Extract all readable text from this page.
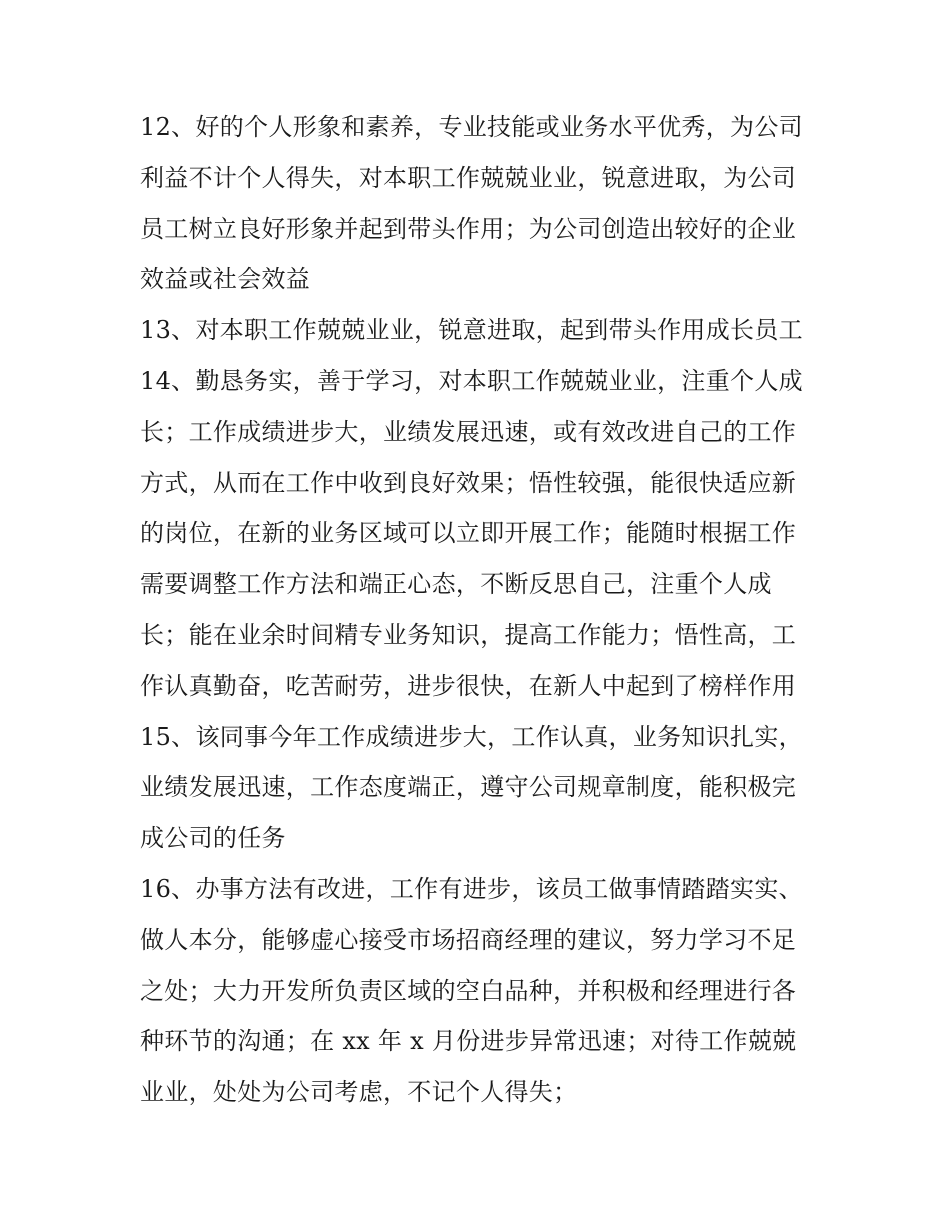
12、好的个人形象和素养，专业技能或业务水平优秀，为公司
利益不计个人得失，对本职工作兢兢业业，锐意进取，为公司
员工树立良好形象并起到带头作用；为公司创造出较好的企业
效益或社会效益
13、对本职工作兢兢业业，锐意进取，起到带头作用成长员工
14、勤恳务实，善于学习，对本职工作兢兢业业，注重个人成
长；工作成绩进步大，业绩发展迅速，或有效改进自己的工作
方式，从而在工作中收到良好效果；悟性较强，能很快适应新
的岗位，在新的业务区域可以立即开展工作；能随时根据工作
需要调整工作方法和端正心态，不断反思自己，注重个人成
长；能在业余时间精专业务知识，提高工作能力；悟性高，工
作认真勤奋，吃苦耐劳，进步很快，在新人中起到了榜样作用
15、该同事今年工作成绩进步大，工作认真，业务知识扎实，
业绩发展迅速，工作态度端正，遵守公司规章制度，能积极完
成公司的任务
16、办事方法有改进，工作有进步，该员工做事情踏踏实实、
做人本分，能够虚心接受市场招商经理的建议，努力学习不足
之处；大力开发所负责区域的空白品种，并积极和经理进行各
种环节的沟通；在 xx 年 x 月份进步异常迅速；对待工作兢兢
业业，处处为公司考虑，不记个人得失；
